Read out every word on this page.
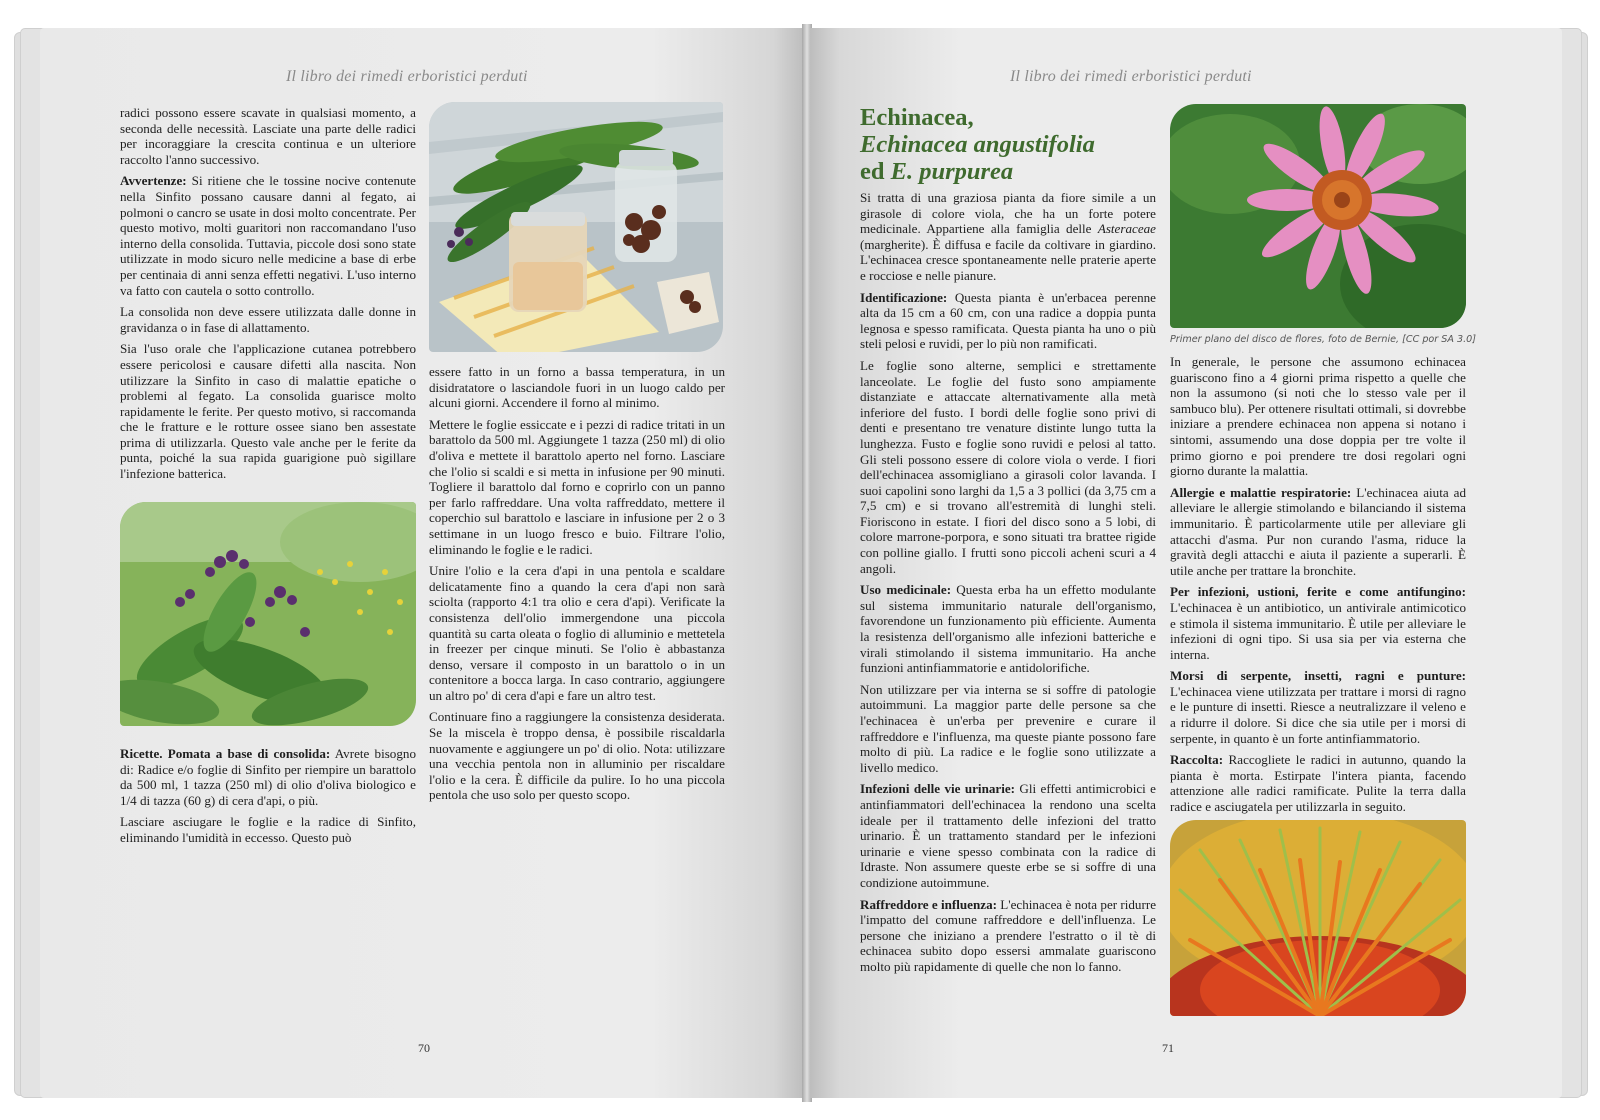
Il libro dei rimedi erboristici perduti

radici possono essere scavate in qualsiasi momento, a seconda delle necessità. Lasciate una parte delle radici per incoraggiare la crescita continua e un ulteriore raccolto l'anno successivo.

Avvertenze: Si ritiene che le tossine nocive contenute nella Sinfito possano causare danni al fegato, ai polmoni o cancro se usate in dosi molto concentrate. Per questo motivo, molti guaritori non raccomandano l'uso interno della consolida. Tuttavia, piccole dosi sono state utilizzate in modo sicuro nelle medicine a base di erbe per centinaia di anni senza effetti negativi. L'uso interno va fatto con cautela o sotto controllo.

La consolida non deve essere utilizzata dalle donne in gravidanza o in fase di allattamento.

Sia l'uso orale che l'applicazione cutanea potrebbero essere pericolosi e causare difetti alla nascita. Non utilizzare la Sinfito in caso di malattie epatiche o problemi al fegato. La consolida guarisce molto rapidamente le ferite. Per questo motivo, si raccomanda che le fratture e le rotture ossee siano ben assestate prima di utilizzarla. Questo vale anche per le ferite da punta, poiché la sua rapida guarigione può sigillare l'infezione batterica.

essere fatto in un forno a bassa temperatura, in un disidratatore o lasciandole fuori in un luogo caldo per alcuni giorni. Accendere il forno al minimo.

Mettere le foglie essiccate e i pezzi di radice tritati in un barattolo da 500 ml. Aggiungete 1 tazza (250 ml) di olio d'oliva e mettete il barattolo aperto nel forno. Lasciare che l'olio si scaldi e si metta in infusione per 90 minuti. Togliere il barattolo dal forno e coprirlo con un panno per farlo raffreddare. Una volta raffreddato, mettere il coperchio sul barattolo e lasciare in infusione per 2 o 3 settimane in un luogo fresco e buio. Filtrare l'olio, eliminando le foglie e le radici.

Unire l'olio e la cera d'api in una pentola e scaldare delicatamente fino a quando la cera d'api non sarà sciolta (rapporto 4:1 tra olio e cera d'api). Verificate la consistenza dell'olio immergendone una piccola quantità su carta oleata o foglio di alluminio e mettetela in freezer per cinque minuti. Se l'olio è abbastanza denso, versare il composto in un barattolo o in un contenitore a bocca larga. In caso contrario, aggiungere un altro po' di cera d'api e fare un altro test.

Continuare fino a raggiungere la consistenza desiderata. Se la miscela è troppo densa, è possibile riscaldarla nuovamente e aggiungere un po' di olio. Nota: utilizzare una vecchia pentola non in alluminio per riscaldare l'olio e la cera. È difficile da pulire. Io ho una piccola pentola che uso solo per questo scopo.

Ricette. Pomata a base di consolida: Avrete bisogno di: Radice e/o foglie di Sinfito per riempire un barattolo da 500 ml, 1 tazza (250 ml) di olio d'oliva biologico e 1/4 di tazza (60 g) di cera d'api, o più.

Lasciare asciugare le foglie e la radice di Sinfito, eliminando l'umidità in eccesso. Questo può

70
Il libro dei rimedi erboristici perduti
Echinacea,
Echinacea angustifolia
ed E. purpurea

Si tratta di una graziosa pianta da fiore simile a un girasole di colore viola, che ha un forte potere medicinale. Appartiene alla famiglia delle Asteraceae (margherite). È diffusa e facile da coltivare in giardino. L'echinacea cresce spontaneamente nelle praterie aperte e rocciose e nelle pianure.

Identificazione: Questa pianta è un'erbacea perenne alta da 15 cm a 60 cm, con una radice a doppia punta legnosa e spesso ramificata. Questa pianta ha uno o più steli pelosi e ruvidi, per lo più non ramificati.

Le foglie sono alterne, semplici e strettamente lanceolate. Le foglie del fusto sono ampiamente distanziate e attaccate alternativamente alla metà inferiore del fusto. I bordi delle foglie sono privi di denti e presentano tre venature distinte lungo tutta la lunghezza. Fusto e foglie sono ruvidi e pelosi al tatto. Gli steli possono essere di colore viola o verde. I fiori dell'echinacea assomigliano a girasoli color lavanda. I suoi capolini sono larghi da 1,5 a 3 pollici (da 3,75 cm a 7,5 cm) e si trovano all'estremità di lunghi steli. Fioriscono in estate. I fiori del disco sono a 5 lobi, di colore marrone-porpora, e sono situati tra brattee rigide con polline giallo. I frutti sono piccoli acheni scuri a 4 angoli.

Uso medicinale: Questa erba ha un effetto modulante sul sistema immunitario naturale dell'organismo, favorendone un funzionamento più efficiente. Aumenta la resistenza dell'organismo alle infezioni batteriche e virali stimolando il sistema immunitario. Ha anche funzioni antinfiammatorie e antidolorifiche.

Non utilizzare per via interna se si soffre di patologie autoimmuni. La maggior parte delle persone sa che l'echinacea è un'erba per prevenire e curare il raffreddore e l'influenza, ma queste piante possono fare molto di più. La radice e le foglie sono utilizzate a livello medico.

Infezioni delle vie urinarie: Gli effetti antimicrobici e antinfiammatori dell'echinacea la rendono una scelta ideale per il trattamento delle infezioni del tratto urinario. È un trattamento standard per le infezioni urinarie e viene spesso combinata con la radice di Idraste. Non assumere queste erbe se si soffre di una condizione autoimmune.

Raffreddore e influenza: L'echinacea è nota per ridurre l'impatto del comune raffreddore e dell'influenza. Le persone che iniziano a prendere l'estratto o il tè di echinacea subito dopo essersi ammalate guariscono molto più rapidamente di quelle che non lo fanno.

Primer plano del disco de flores, foto de Bernie, [CC por SA 3.0]

In generale, le persone che assumono echinacea guariscono fino a 4 giorni prima rispetto a quelle che non la assumono (si noti che lo stesso vale per il sambuco blu). Per ottenere risultati ottimali, si dovrebbe iniziare a prendere echinacea non appena si notano i sintomi, assumendo una dose doppia per tre volte il primo giorno e poi prendere tre dosi regolari ogni giorno durante la malattia.

Allergie e malattie respiratorie: L'echinacea aiuta ad alleviare le allergie stimolando e bilanciando il sistema immunitario. È particolarmente utile per alleviare gli attacchi d'asma. Pur non curando l'asma, riduce la gravità degli attacchi e aiuta il paziente a superarli. È utile anche per trattare la bronchite.

Per infezioni, ustioni, ferite e come antifungino: L'echinacea è un antibiotico, un antivirale antimicotico e stimola il sistema immunitario. È utile per alleviare le infezioni di ogni tipo. Si usa sia per via esterna che interna.

Morsi di serpente, insetti, ragni e punture: L'echinacea viene utilizzata per trattare i morsi di ragno e le punture di insetti. Riesce a neutralizzare il veleno e a ridurre il dolore. Si dice che sia utile per i morsi di serpente, in quanto è un forte antinfiammatorio.

Raccolta: Raccogliete le radici in autunno, quando la pianta è morta. Estirpate l'intera pianta, facendo attenzione alle radici ramificate. Pulite la terra dalla radice e asciugatela per utilizzarla in seguito.

71
